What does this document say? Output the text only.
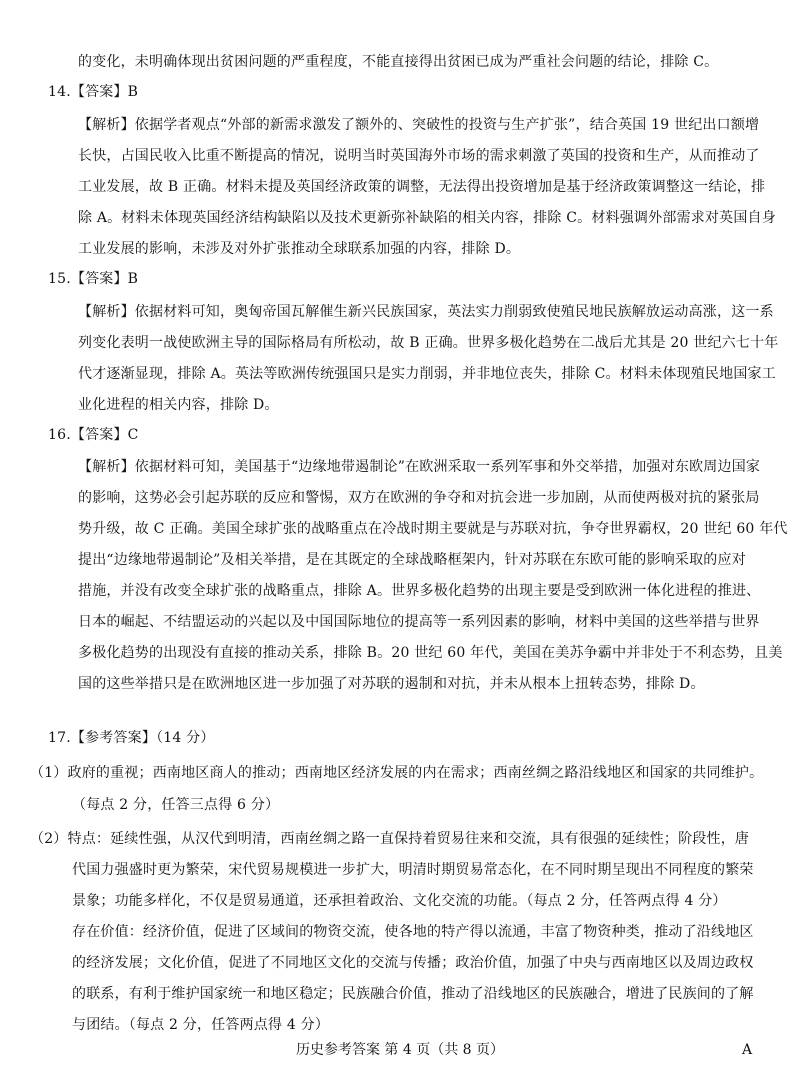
的变化，未明确体现出贫困问题的严重程度，不能直接得出贫困已成为严重社会问题的结论，排除 C。
14.【答案】B
【解析】依据学者观点“外部的新需求激发了额外的、突破性的投资与生产扩张”，结合英国 19 世纪出口额增
长快，占国民收入比重不断提高的情况，说明当时英国海外市场的需求刺激了英国的投资和生产，从而推动了
工业发展，故 B 正确。材料未提及英国经济政策的调整，无法得出投资增加是基于经济政策调整这一结论，排
除 A。材料未体现英国经济结构缺陷以及技术更新弥补缺陷的相关内容，排除 C。材料强调外部需求对英国自身
工业发展的影响，未涉及对外扩张推动全球联系加强的内容，排除 D。
15.【答案】B
【解析】依据材料可知，奥匈帝国瓦解催生新兴民族国家，英法实力削弱致使殖民地民族解放运动高涨，这一系
列变化表明一战使欧洲主导的国际格局有所松动，故 B 正确。世界多极化趋势在二战后尤其是 20 世纪六七十年
代才逐渐显现，排除 A。英法等欧洲传统强国只是实力削弱，并非地位丧失，排除 C。材料未体现殖民地国家工
业化进程的相关内容，排除 D。
16.【答案】C
【解析】依据材料可知，美国基于“边缘地带遏制论”在欧洲采取一系列军事和外交举措，加强对东欧周边国家
的影响，这势必会引起苏联的反应和警惕，双方在欧洲的争夺和对抗会进一步加剧，从而使两极对抗的紧张局
势升级，故 C 正确。美国全球扩张的战略重点在冷战时期主要就是与苏联对抗，争夺世界霸权，20 世纪 60 年代
提出“边缘地带遏制论”及相关举措，是在其既定的全球战略框架内，针对苏联在东欧可能的影响采取的应对
措施，并没有改变全球扩张的战略重点，排除 A。世界多极化趋势的出现主要是受到欧洲一体化进程的推进、
日本的崛起、不结盟运动的兴起以及中国国际地位的提高等一系列因素的影响，材料中美国的这些举措与世界
多极化趋势的出现没有直接的推动关系，排除 B。20 世纪 60 年代，美国在美苏争霸中并非处于不利态势，且美
国的这些举措只是在欧洲地区进一步加强了对苏联的遏制和对抗，并未从根本上扭转态势，排除 D。
17.【参考答案】（14 分）
（1）政府的重视；西南地区商人的推动；西南地区经济发展的内在需求；西南丝绸之路沿线地区和国家的共同维护。
（每点 2 分，任答三点得 6 分）
（2）特点：延续性强，从汉代到明清，西南丝绸之路一直保持着贸易往来和交流，具有很强的延续性；阶段性，唐
代国力强盛时更为繁荣，宋代贸易规模进一步扩大，明清时期贸易常态化，在不同时期呈现出不同程度的繁荣
景象；功能多样化，不仅是贸易通道，还承担着政治、文化交流的功能。（每点 2 分，任答两点得 4 分）
存在价值：经济价值，促进了区域间的物资交流，使各地的特产得以流通，丰富了物资种类，推动了沿线地区
的经济发展；文化价值，促进了不同地区文化的交流与传播；政治价值，加强了中央与西南地区以及周边政权
的联系，有利于维护国家统一和地区稳定；民族融合价值，推动了沿线地区的民族融合，增进了民族间的了解
与团结。（每点 2 分，任答两点得 4 分）
历史参考答案 第 4 页（共 8 页）	A
